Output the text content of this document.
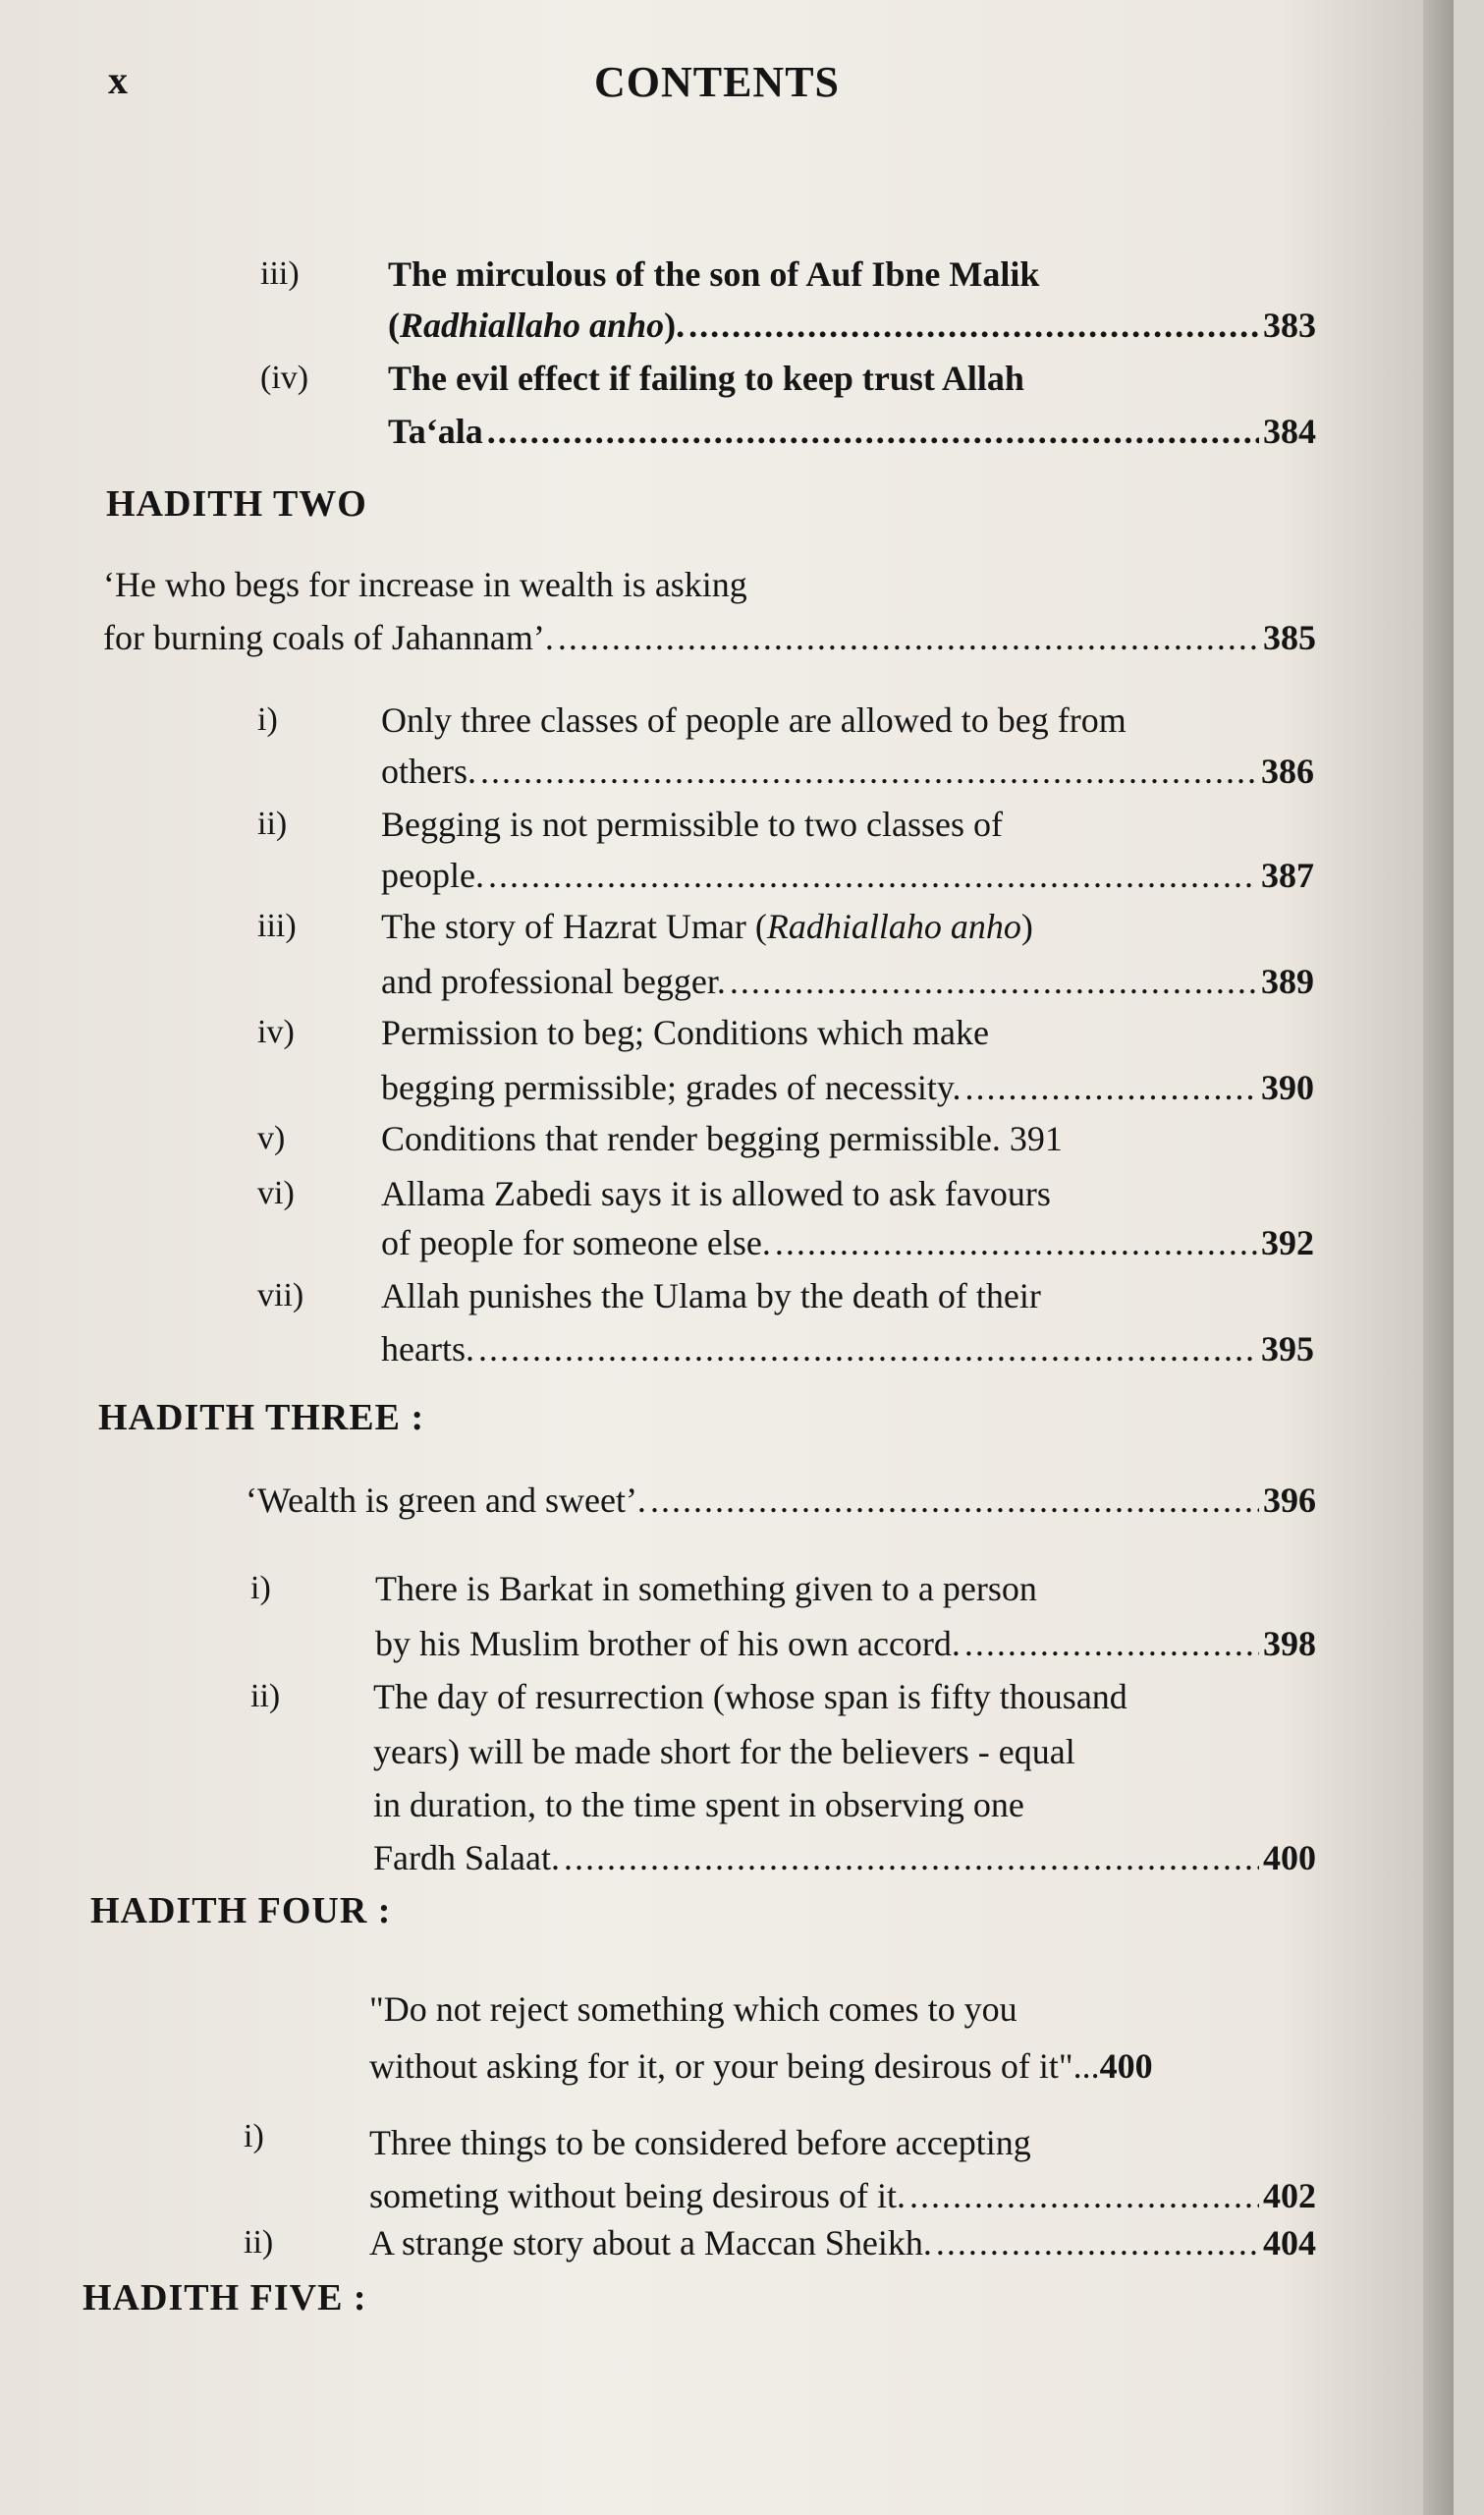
x	CONTENTS
iii)	The mirculous of the son of Auf Ibne Malik
( Radhiallaho anho ). .....	383
(iv) The evil effect if failing to keep trust Allah
Ta‘ala .....	384
HADITH TWO
‘He who begs for increase in wealth is asking
for burning coals of Jahannam’. .....	385
i)	Only three classes of people are allowed to beg from
others. .....	386
ii)	Begging is not permissible to two classes of
people. .....	387
iii) The story of Hazrat Umar ( Radhiallaho anho )
and professional begger. .....	389
iv) Permission to beg; Conditions which make
begging permissible; grades of necessity. .....	390
v)	Conditions that render begging permissible. 391
vi) Allama Zabedi says it is allowed to ask favours
of people for someone else. .....	392
vii) Allah punishes the Ulama by the death of their
hearts. .....	395
HADITH THREE :
‘Wealth is green and sweet’. .....	396
i)	There is Barkat in something given to a person
by his Muslim brother of his own accord. .....	398
ii)	The day of resurrection (whose span is fifty thousand
years) will be made short for the believers - equal
in duration, to the time spent in observing one
Fardh Salaat. .....	400
HADITH FOUR :
"Do not reject something which comes to you
without asking for it, or your being desirous of it" ... 400
i)	Three things to be considered before accepting
someting without being desirous of it. .....	402
ii)	A strange story about a Maccan Sheikh. .....	404
HADITH FIVE :
